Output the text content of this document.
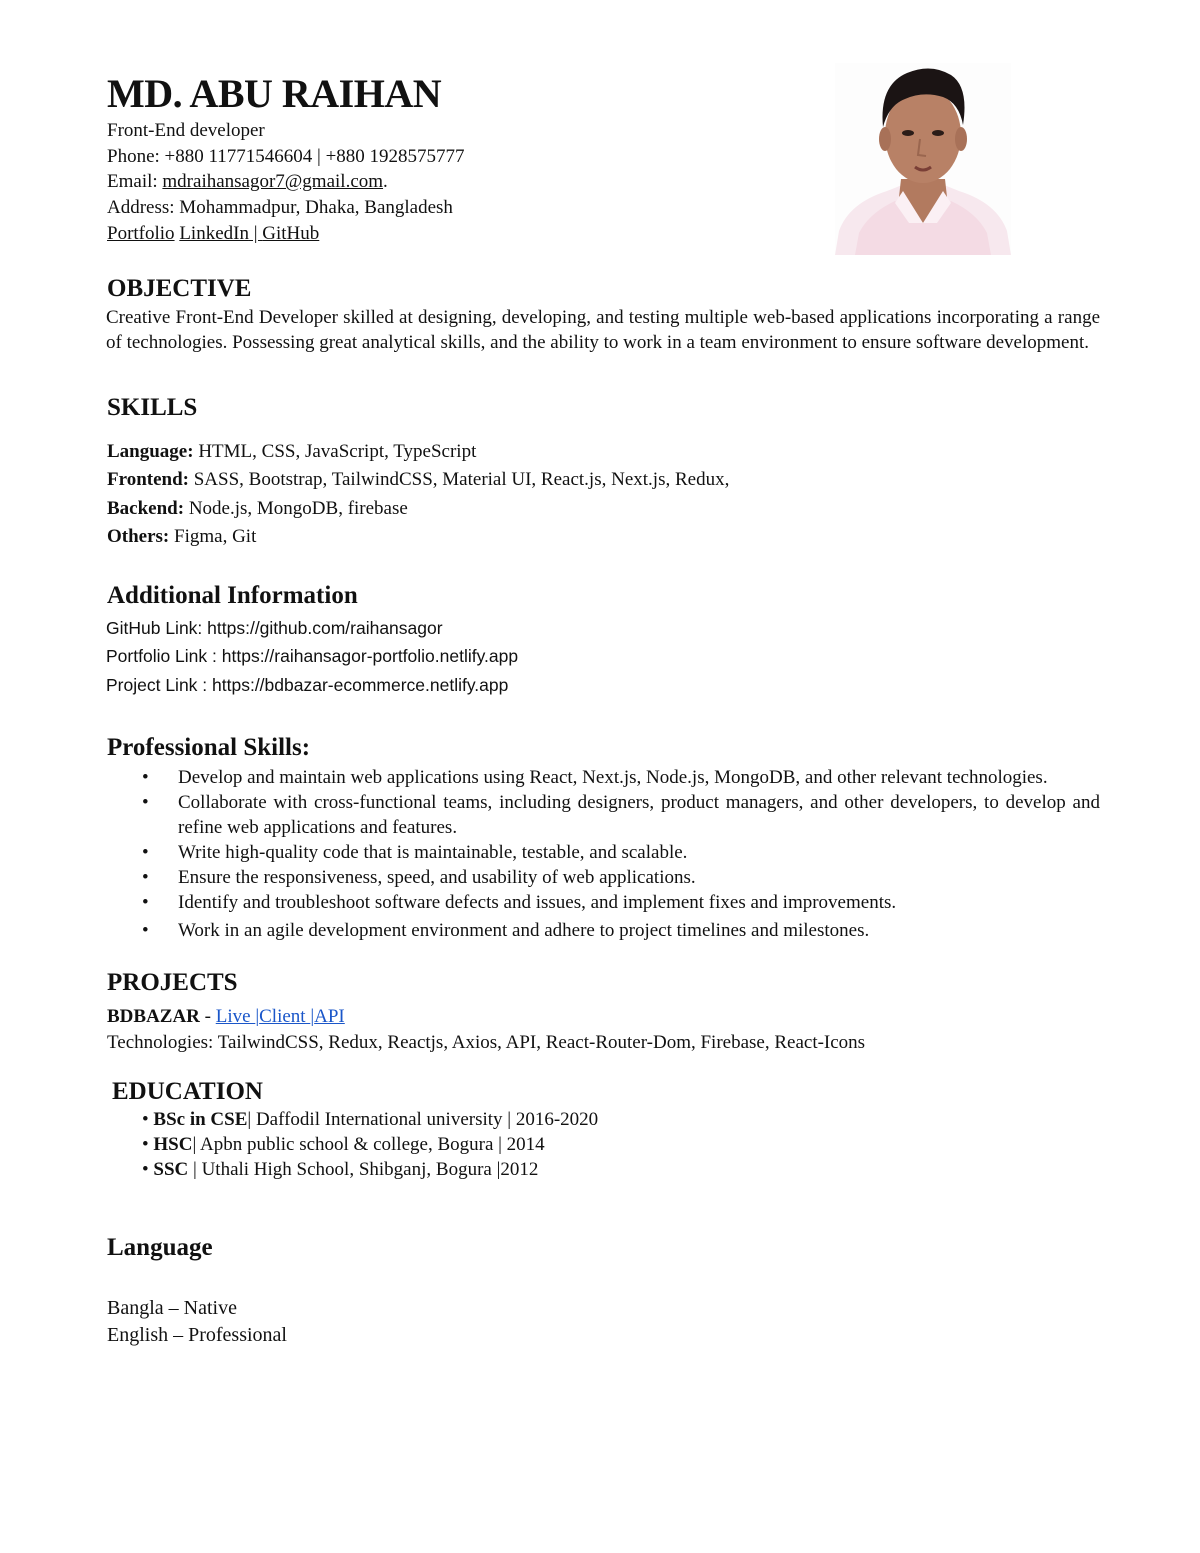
MD. ABU RAIHAN
Front-End developer
Phone: +880 11771546604 | +880 1928575777
Email: mdraihansagor7@gmail.com.
Address: Mohammadpur, Dhaka, Bangladesh
Portfolio LinkedIn | GitHub
OBJECTIVE
Creative Front-End Developer skilled at designing, developing, and testing multiple web-based applications incorporating a range of technologies. Possessing great analytical skills, and the ability to work in a team environment to ensure software development.
SKILLS
Language: HTML, CSS, JavaScript, TypeScript
Frontend: SASS, Bootstrap, TailwindCSS, Material UI, React.js, Next.js, Redux,
Backend: Node.js, MongoDB, firebase
Others: Figma, Git
Additional Information
GitHub Link: https://github.com/raihansagor
Portfolio Link : https://raihansagor-portfolio.netlify.app
Project Link : https://bdbazar-ecommerce.netlify.app
Professional Skills:
• Develop and maintain web applications using React, Next.js, Node.js, MongoDB, and other relevant technologies.
• Collaborate with cross-functional teams, including designers, product managers, and other developers, to develop and refine web applications and features.
• Write high-quality code that is maintainable, testable, and scalable.
• Ensure the responsiveness, speed, and usability of web applications.
• Identify and troubleshoot software defects and issues, and implement fixes and improvements.
• Work in an agile development environment and adhere to project timelines and milestones.
PROJECTS
BDBAZAR - Live |Client |API
Technologies: TailwindCSS, Redux, Reactjs, Axios, API, React-Router-Dom, Firebase, React-Icons
EDUCATION
• BSc in CSE| Daffodil International university | 2016-2020
• HSC| Apbn public school & college, Bogura | 2014
• SSC | Uthali High School, Shibganj, Bogura |2012
Language
Bangla – Native
English – Professional
